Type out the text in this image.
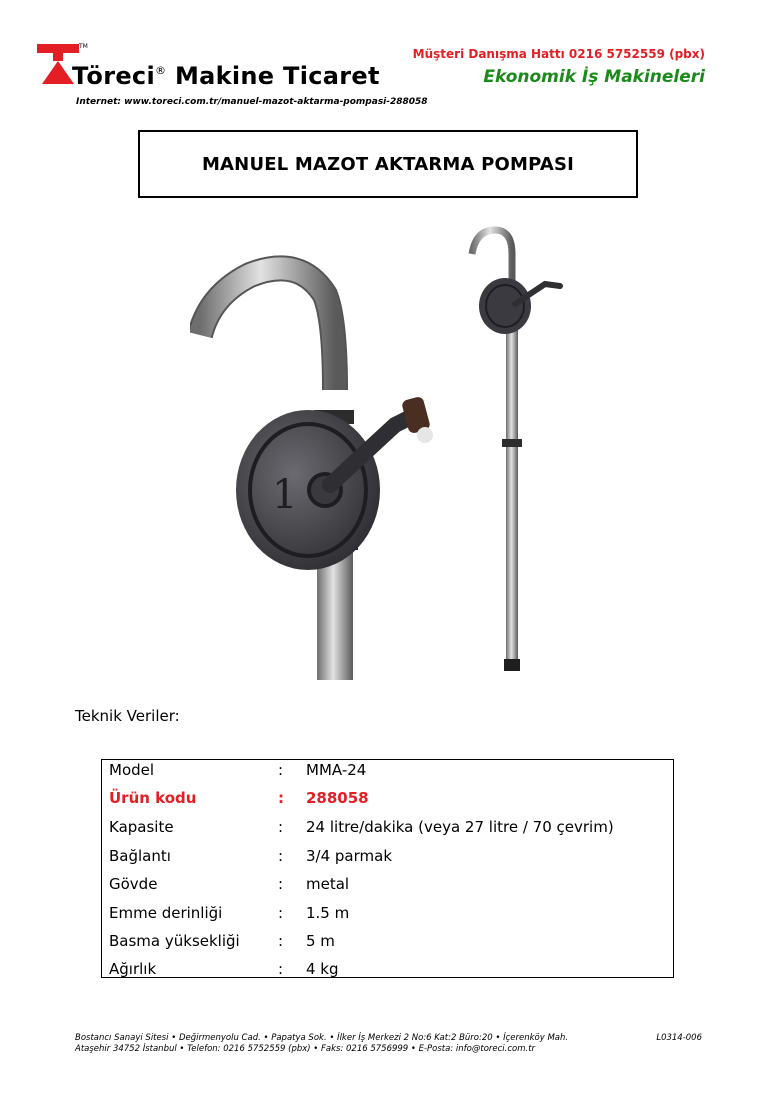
TM
Töreci® Makine Ticaret
Internet: www.toreci.com.tr/manuel-mazot-aktarma-pompasi-288058
Müşteri Danışma Hattı 0216 5752559 (pbx)
Ekonomik İş Makineleri
MANUEL MAZOT AKTARMA POMPASI
1
Teknik Veriler:
Model	: MMA-24
Ürün kodu	: 288058
Kapasite	: 24 litre/dakika (veya 27 litre / 70 çevrim)
Bağlantı	: 3/4 parmak
Gövde	: metal
Emme derinliği	: 1.5 m
Basma yüksekliği	: 5 m
Ağırlık	: 4 kg
Bostancı Sanayi Sitesi • Değirmenyolu Cad. • Papatya Sok. • İlker İş Merkezi 2 No:6 Kat:2 Büro:20 • İçerenköy Mah.
Ataşehir 34752 İstanbul • Telefon: 0216 5752559 (pbx) • Faks: 0216 5756999 • E-Posta: info@toreci.com.tr
L0314-006
